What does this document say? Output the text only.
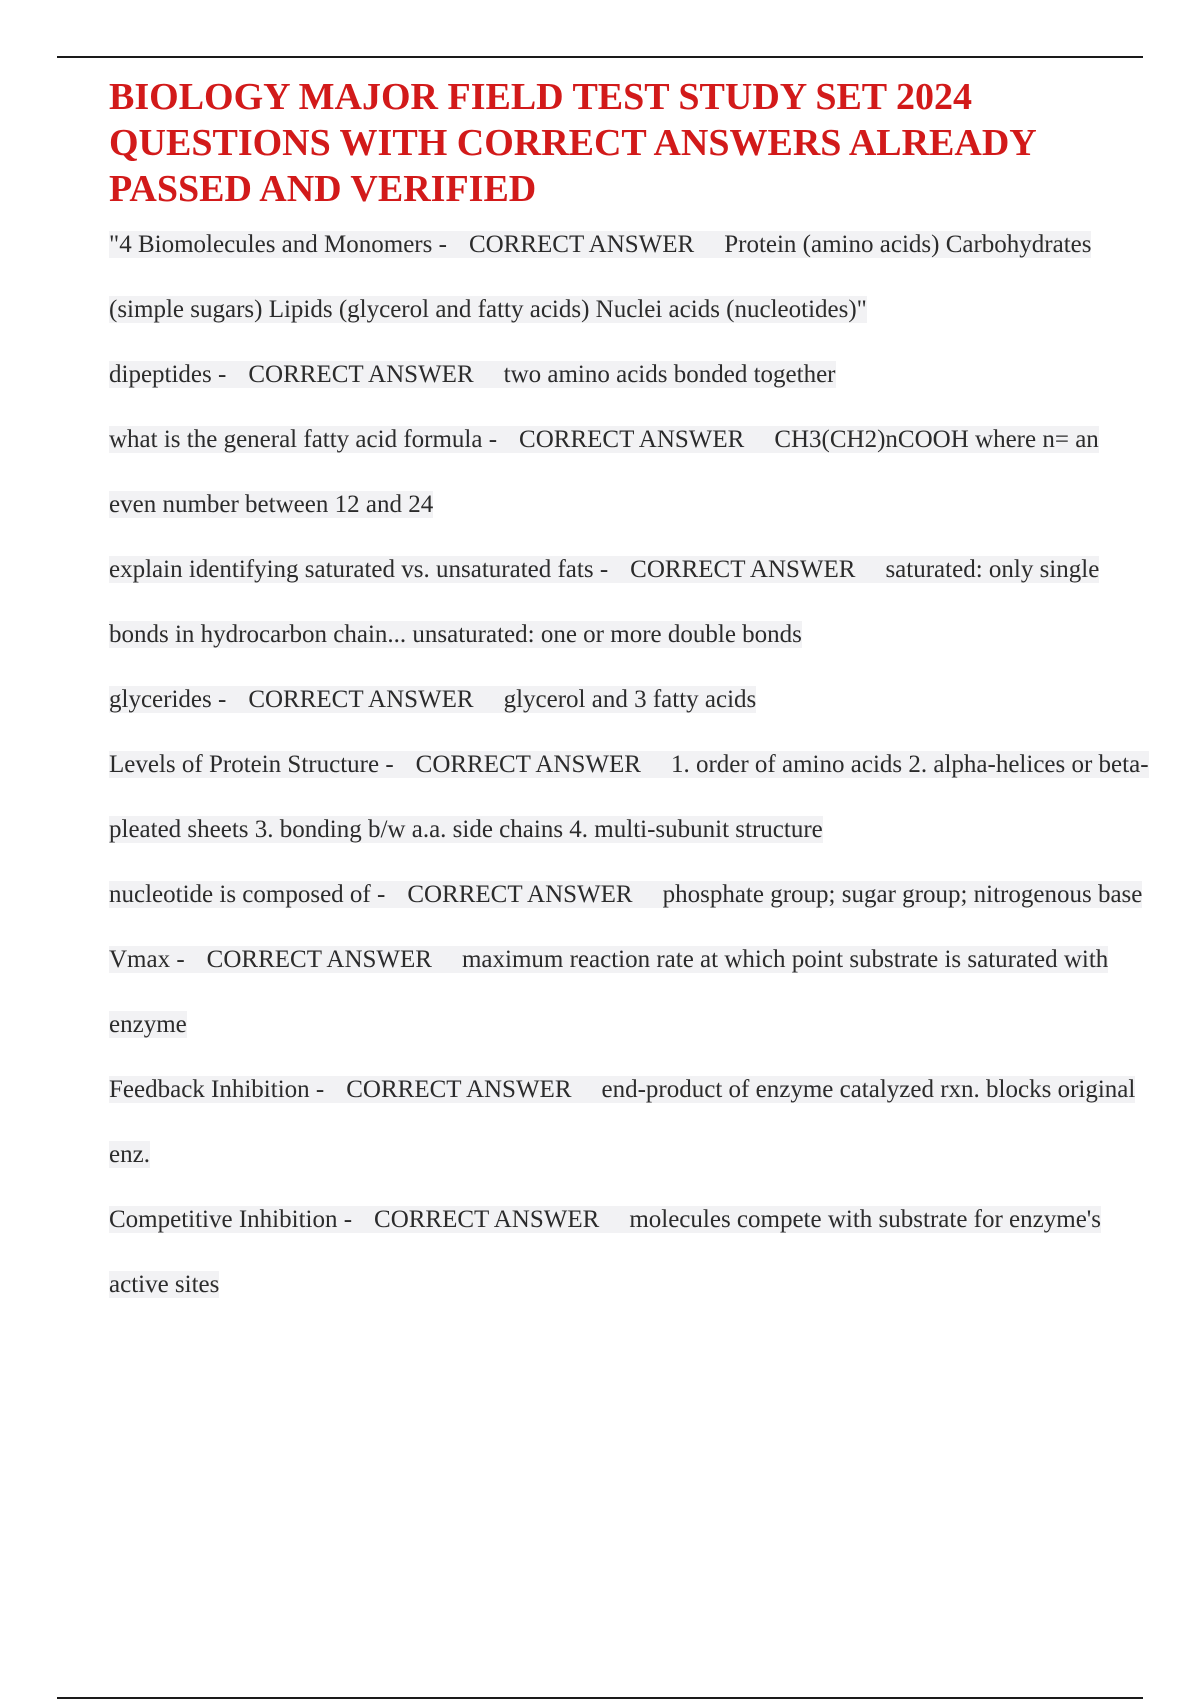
BIOLOGY MAJOR FIELD TEST STUDY SET 2024 QUESTIONS WITH CORRECT ANSWERS ALREADY PASSED AND VERIFIED

"4 Biomolecules and Monomers - CORRECT ANSWER Protein (amino acids) Carbohydrates (simple sugars) Lipids (glycerol and fatty acids) Nuclei acids (nucleotides)"

dipeptides - CORRECT ANSWER two amino acids bonded together

what is the general fatty acid formula - CORRECT ANSWER CH3(CH2)nCOOH where n= an even number between 12 and 24

explain identifying saturated vs. unsaturated fats - CORRECT ANSWER saturated: only single bonds in hydrocarbon chain... unsaturated: one or more double bonds

glycerides - CORRECT ANSWER glycerol and 3 fatty acids

Levels of Protein Structure - CORRECT ANSWER 1. order of amino acids 2. alpha-helices or beta-pleated sheets 3. bonding b/w a.a. side chains 4. multi-subunit structure

nucleotide is composed of - CORRECT ANSWER phosphate group; sugar group; nitrogenous base

Vmax - CORRECT ANSWER maximum reaction rate at which point substrate is saturated with enzyme

Feedback Inhibition - CORRECT ANSWER end-product of enzyme catalyzed rxn. blocks original enz.

Competitive Inhibition - CORRECT ANSWER molecules compete with substrate for enzyme's active sites
